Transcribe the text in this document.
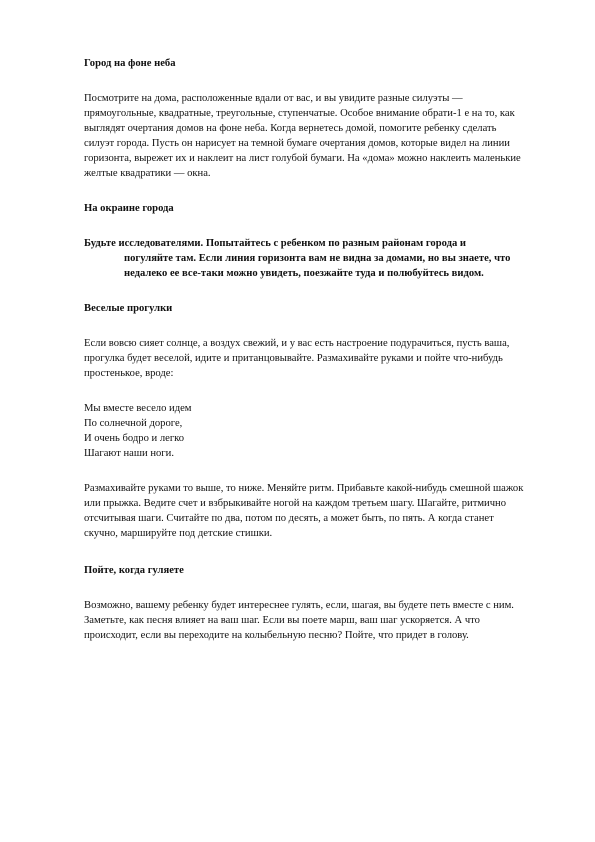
Город на фоне неба
Посмотрите на дома, расположенные вдали от вас, и вы увидите разные силуэты — прямоугольные, квадратные, треугольные, ступенчатые. Особое внимание обрати-1 е на то, как выглядят очертания домов на фоне неба. Когда вернетесь домой, помогите ребенку сделать силуэт города. Пусть он нарисует на темной бумаге очертания домов, которые видел на линии горизонта, вырежет их и наклеит на лист голубой бумаги. На «дома» можно наклеить маленькие желтые квадратики — окна.
На окраине города
Будьте исследователями. Попытайтесь с ребенком по разным районам города и
погуляйте там. Если линия горизонта вам не видна за домами, но вы знаете, что недалеко ее все-таки можно увидеть, поезжайте туда и полюбуйтесь видом.
Веселые прогулки
Если вовсю сияет солнце, а воздух свежий, и у вас есть настроение подурачиться, пусть ваша, прогулка будет веселой, идите и пританцовывайте. Размахивайте руками и пойте что-нибудь простенькое, вроде:
Мы вместе весело идем
По солнечной дороге,
И очень бодро и легко
Шагают наши ноги.
Размахивайте руками то выше, то ниже. Меняйте ритм. Прибавьте какой-нибудь смешной шажок или прыжка. Ведите счет и взбрыкивайте ногой на каждом третьем шагу. Шагайте, ритмично отсчитывая шаги. Считайте по два, потом по десять, а может быть, по пять. А когда станет скучно, маршируйте под детские стишки.
Пойте, когда гуляете
Возможно, вашему ребенку будет интереснее гулять, если, шагая, вы будете петь вместе с ним. Заметьте, как песня влияет на ваш шаг. Если вы поете марш, ваш шаг ускоряется. А что происходит, если вы переходите на колыбельную песню? Пойте, что придет в голову.
